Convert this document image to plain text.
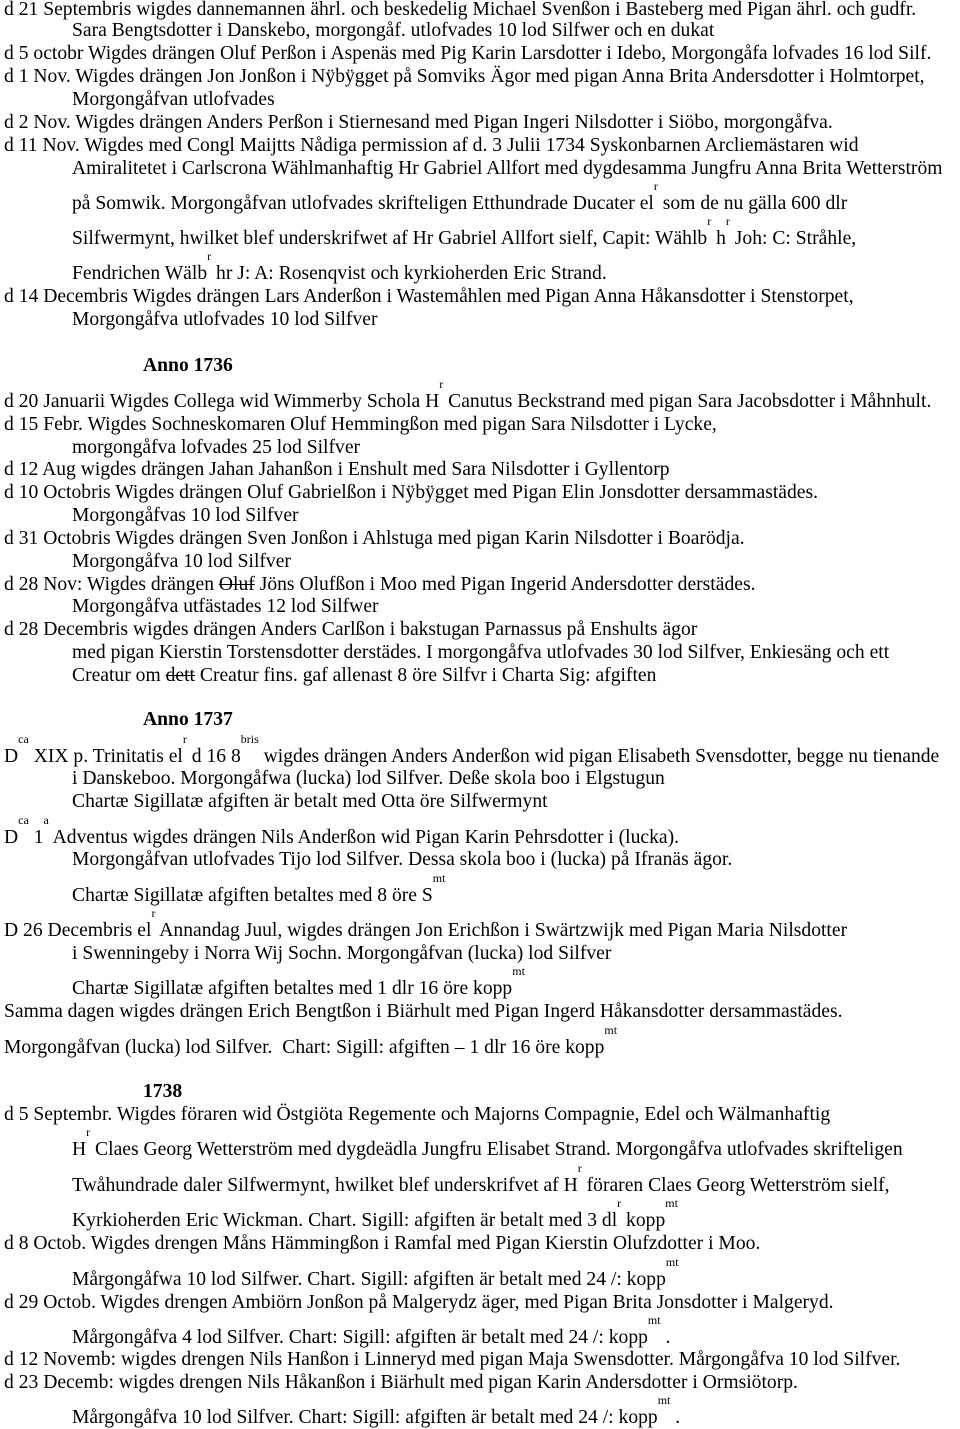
d 21 Septembris wigdes dannemannen ährl. och beskedelig Michael Svenßon i Basteberg med Pigan ährl. och gudfr.
Sara Bengtsdotter i Danskebo, morgongåf. utlofvades 10 lod Silfwer och en dukat
d 5 octobr Wigdes drängen Oluf Perßon i Aspenäs med Pig Karin Larsdotter i Idebo, Morgongåfa lofvades 16 lod Silf.
d 1 Nov. Wigdes drängen Jon Jonßon i Nÿbÿgget på Somviks Ägor med pigan Anna Brita Andersdotter i Holmtorpet,
Morgongåfvan utlofvades
d 2 Nov. Wigdes drängen Anders Perßon i Stiernesand med Pigan Ingeri Nilsdotter i Siöbo, morgongåfva.
d 11 Nov. Wigdes med Congl Maijtts Nådiga permission af d. 3 Julii 1734 Syskonbarnen Arcliemästaren wid
Amiralitetet i Carlscrona Wählmanhaftig Hr Gabriel Allfort med dygdesamma Jungfru Anna Brita Wetterström
på Somwik. Morgongåfvan utlofvades skrifteligen Etthundrade Ducater $el^r$ som de nu gälla 600 dlr
Silfwermynt, hwilket blef underskrifwet af Hr Gabriel Allfort sielf, Capit: Wählb$^r$ $h^r$ Joh: C: Stråhle,
Fendrichen Wälb$^r$ hr J: A: Rosenqvist och kyrkioherden Eric Strand.
d 14 Decembris Wigdes drängen Lars Anderßon i Wastemåhlen med Pigan Anna Håkansdotter i Stenstorpet,
Morgongåfva utlofvades 10 lod Silfver
Anno 1736
d 20 Januarii Wigdes Collega wid Wimmerby Schola $H^r$ Canutus Beckstrand med pigan Sara Jacobsdotter i Måhnhult.
d 15 Febr. Wigdes Sochneskomaren Oluf Hemmingßon med pigan Sara Nilsdotter i Lycke,
morgongåfva lofvades 25 lod Silfver
d 12 Aug wigdes drängen Jahan Jahanßon i Enshult med Sara Nilsdotter i Gyllentorp
d 10 Octobris Wigdes drängen Oluf Gabrielßon i Nÿbÿgget med Pigan Elin Jonsdotter dersammastädes.
Morgongåfvas 10 lod Silfver
d 31 Octobris Wigdes drängen Sven Jonßon i Ahlstuga med pigan Karin Nilsdotter i Boarödja.
Morgongåfva 10 lod Silfver
d 28 Nov: Wigdes drängen Oluf Jöns Olufßon i Moo med Pigan Ingerid Andersdotter derstädes.
Morgongåfva utfästades 12 lod Silfwer
d 28 Decembris wigdes drängen Anders Carlßon i bakstugan Parnassus på Enshults ägor
med pigan Kierstin Torstensdotter derstädes. I morgongåfva utlofvades 30 lod Silfver, Enkiesäng och ett
Creatur om dett Creatur fins. gaf allenast 8 öre Silfvr i Charta Sig: afgiften
Anno 1737
$D^{ca}$ XIX p. Trinitatis $el^r$ d 16 $8^{bris}$ wigdes drängen Anders Anderßon wid pigan Elisabeth Svensdotter, begge nu tienande
i Danskeboo. Morgongåfwa (lucka) lod Silfver. Deße skola boo i Elgstugun
Chartæ Sigillatæ afgiften är betalt med Otta öre Silfwermynt
$D^{ca}$ 1$^a$ Adventus wigdes drängen Nils Anderßon wid Pigan Karin Pehrsdotter i (lucka).
Morgongåfvan utlofvades Tijo lod Silfver. Dessa skola boo i (lucka) på Ifranäs ägor.
Chartæ Sigillatæ afgiften betaltes med 8 öre $S^{mt}$
D 26 Decembris $el^r$ Annandag Juul, wigdes drängen Jon Erichßon i Swärtzwijk med Pigan Maria Nilsdotter
i Swenningeby i Norra Wij Sochn. Morgongåfvan (lucka) lod Silfver
Chartæ Sigillatæ afgiften betaltes med 1 dlr 16 öre kopp$^{mt}$
Samma dagen wigdes drängen Erich Bengtßon i Biärhult med Pigan Ingerd Håkansdotter dersammastädes.
Morgongåfvan (lucka) lod Silfver.  Chart: Sigill: afgiften – 1 dlr 16 öre kopp$^{mt}$
1738
d 5 Septembr. Wigdes föraren wid Östgiöta Regemente och Majorns Compagnie, Edel och Wälmanhaftig
$H^r$ Claes Georg Wetterström med dygdeädla Jungfru Elisabet Strand. Morgongåfva utlofvades skrifteligen
Twåhundrade daler Silfwermynt, hwilket blef underskrifvet af $H^r$ föraren Claes Georg Wetterström sielf,
Kyrkioherden Eric Wickman. Chart. Sigill: afgiften är betalt med 3 $dl^r$ kopp$^{mt}$
d 8 Octob. Wigdes drengen Måns Hämmingßon i Ramfal med Pigan Kierstin Olufzdotter i Moo.
Mårgongåfwa 10 lod Silfwer. Chart. Sigill: afgiften är betalt med 24 /: kopp$^{mt}$
d 29 Octob. Wigdes drengen Ambiörn Jonßon på Malgerydz äger, med Pigan Brita Jonsdotter i Malgeryd.
Mårgongåfva 4 lod Silfver. Chart: Sigill: afgiften är betalt med 24 /: kopp$^{mt}$ .
d 12 Novemb: wigdes drengen Nils Hanßon i Linneryd med pigan Maja Swensdotter. Mårgongåfva 10 lod Silfver.
d 23 Decemb: wigdes drengen Nils Håkanßon i Biärhult med pigan Karin Andersdotter i Ormsiötorp.
Mårgongåfva 10 lod Silfver. Chart: Sigill: afgiften är betalt med 24 /: kopp$^{mt}$ .
